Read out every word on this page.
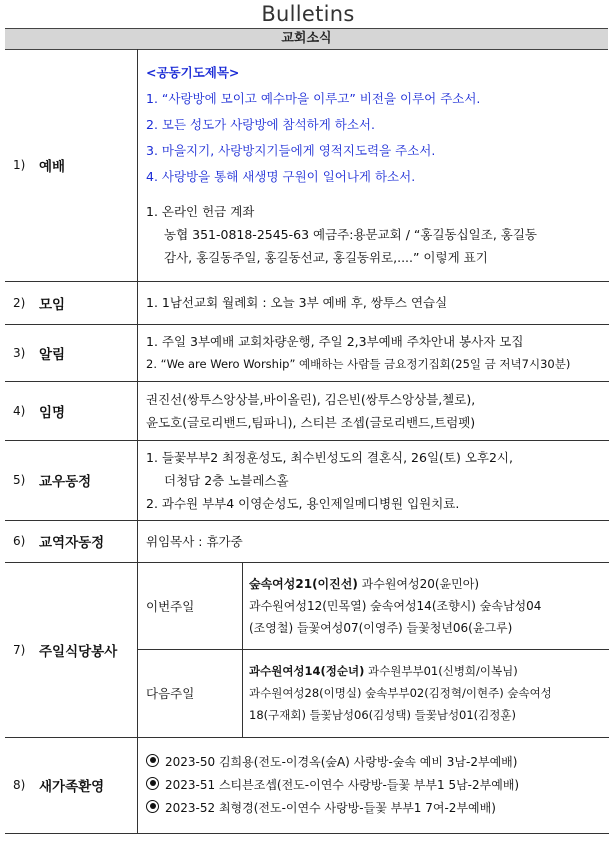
Bulletins
교회소식
1) 예배

<공동기도제목>
1. “사랑방에 모이고 예수마을 이루고” 비전을 이루어 주소서.
2. 모든 성도가 사랑방에 참석하게 하소서.
3. 마을지기, 사랑방지기들에게 영적지도력을 주소서.
4. 사랑방을 통해 새생명 구원이 일어나게 하소서.
1. 온라인 헌금 계좌
농협 351-0818-2545-63 예금주:용문교회 / “홍길동십일조, 홍길동
감사, 홍길동주일, 홍길동선교, 홍길동위로,....” 이렇게 표기

2) 모임	1. 1남선교회 월례회 : 오늘 3부 예배 후, 쌍투스 연습실

3) 알림

1. 주일 3부예배 교회차량운행, 주일 2,3부예배 주차안내 봉사자 모집
2. “We are Wero Worship” 예배하는 사람들 금요정기집회(25일 금 저녁7시30분)

4) 임명

권진선(쌍투스앙상블,바이올린), 김은빈(쌍투스앙상블,첼로),
윤도호(글로리밴드,팀파니), 스티븐 조셉(글로리밴드,트럼펫)

5) 교우동정

1. 들꽃부부2 최정훈성도, 최수빈성도의 결혼식, 26일(토) 오후2시,
더청담 2층 노블레스홀
2. 과수원 부부4 이영순성도, 용인제일메디병원 입원치료.

6) 교역자동정	위임목사 : 휴가중

7) 주일식당봉사

이번주일	
숲속여성21(이진선) 과수원여성20(윤민아)
과수원여성12(민목열) 숲속여성14(조향시) 숲속남성04
(조영철) 들꽃여성07(이영주) 들꽃청년06(윤그루)

다음주일	
과수원여성14(정순녀) 과수원부부01(신병희/이복님)
과수원여성28(이명실) 숲속부부02(김정혁/이현주) 숲속여성
18(구재회) 들꽃남성06(김성택) 들꽃남성01(김정훈)

8) 새가족환영

2023-50 김희용(전도-이경옥(숲A) 사랑방-숲속 예비 3남-2부예배)
2023-51 스티븐조셉(전도-이연수 사랑방-들꽃 부부1 5남-2부예배)
2023-52 최형경(전도-이연수 사랑방-들꽃 부부1 7여-2부예배)
